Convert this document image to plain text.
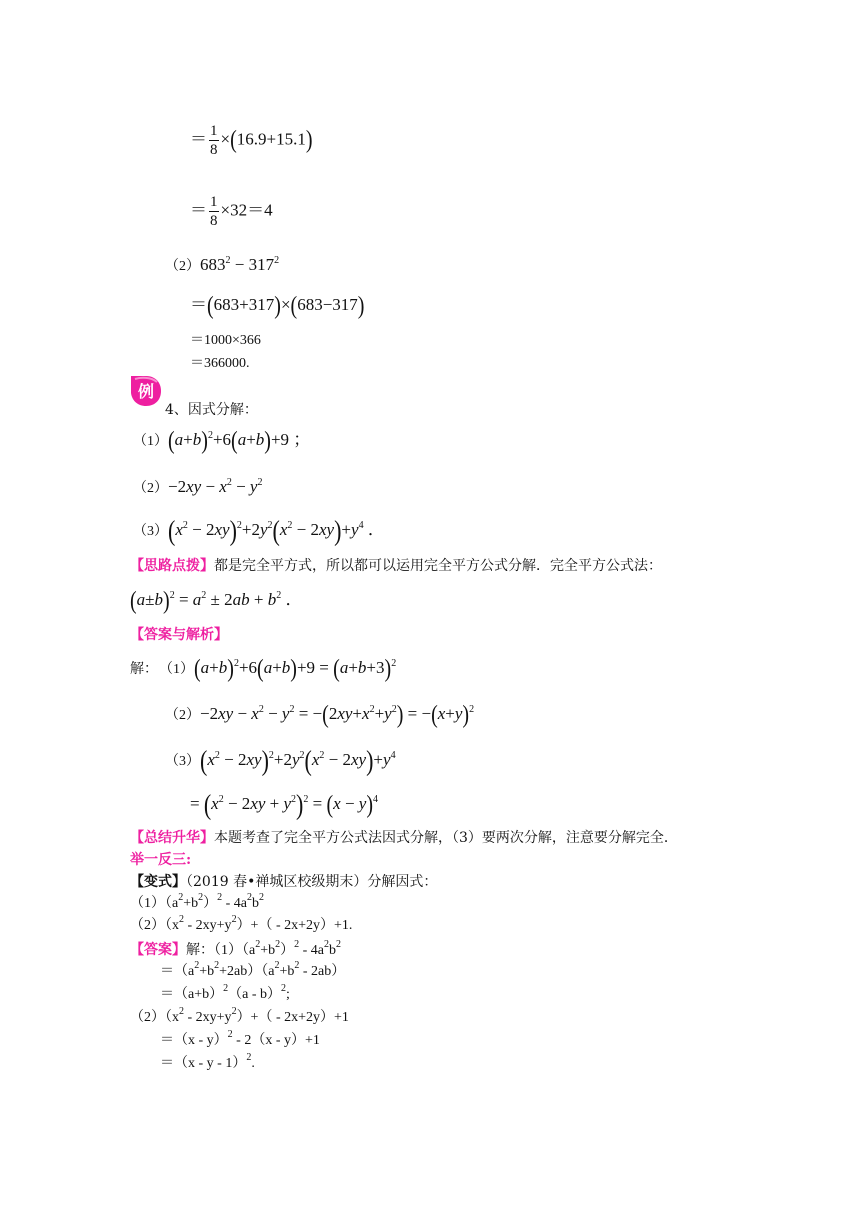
＝ $\frac{1}{8} \times(16.9+15.1)$
＝ $\frac{1}{8} \times 32=4$
$(2)683^2 - 317^2$
＝(683+317)×(683−317)
＝1000×366
＝366000.
例
4、因式分解：
$(1)(a+b)^2+6(a+b)+9$ ；
$(2)-2xy - x^2 - y^2$
$(3)(x^2 - 2xy)^2+2y^2(x^2 - 2xy)+y^4$ ．
【思路点拨】都是完全平方式，所以都可以运用完全平方公式分解．完全平方公式法：
$(a\pm b)^2 = a^2 \pm 2ab + b^2$ ．
【答案与解析】
解： $(1)(a+b)^2+6(a+b)+9 = (a+b+3)^2$
$(2)-2xy - x^2 - y^2 = -(2xy+x^2+y^2) = -(x+y)^2$
$(3)(x^2 - 2xy)^2+2y^2(x^2 - 2xy)+y^4$
= $(x^2 - 2xy + y^2)^2 = (x - y)^4$
【总结升华】本题考查了完全平方公式法因式分解，（3）要两次分解，注意要分解完全．
举一反三:
【变式】（2019 春•禅城区校级期末）分解因式：
$(1)(a^2+b^2)^2 - 4a^2b^2$
$(2)(x^2 - 2xy+y^2)+( - 2x+2y)+1$.
【答案】解：$(1)(a^2+b^2)^2 - 4a^2b^2$
$=(a^2+b^2+2ab)(a^2+b^2 - 2ab)$
$=(a+b)^2(a - b)^2$;
$(2)(x^2 - 2xy+y^2)+( - 2x+2y)+1$
＝（x - y）$^2$ - 2（x - y）+1
＝（x - y - 1）$^2$.
